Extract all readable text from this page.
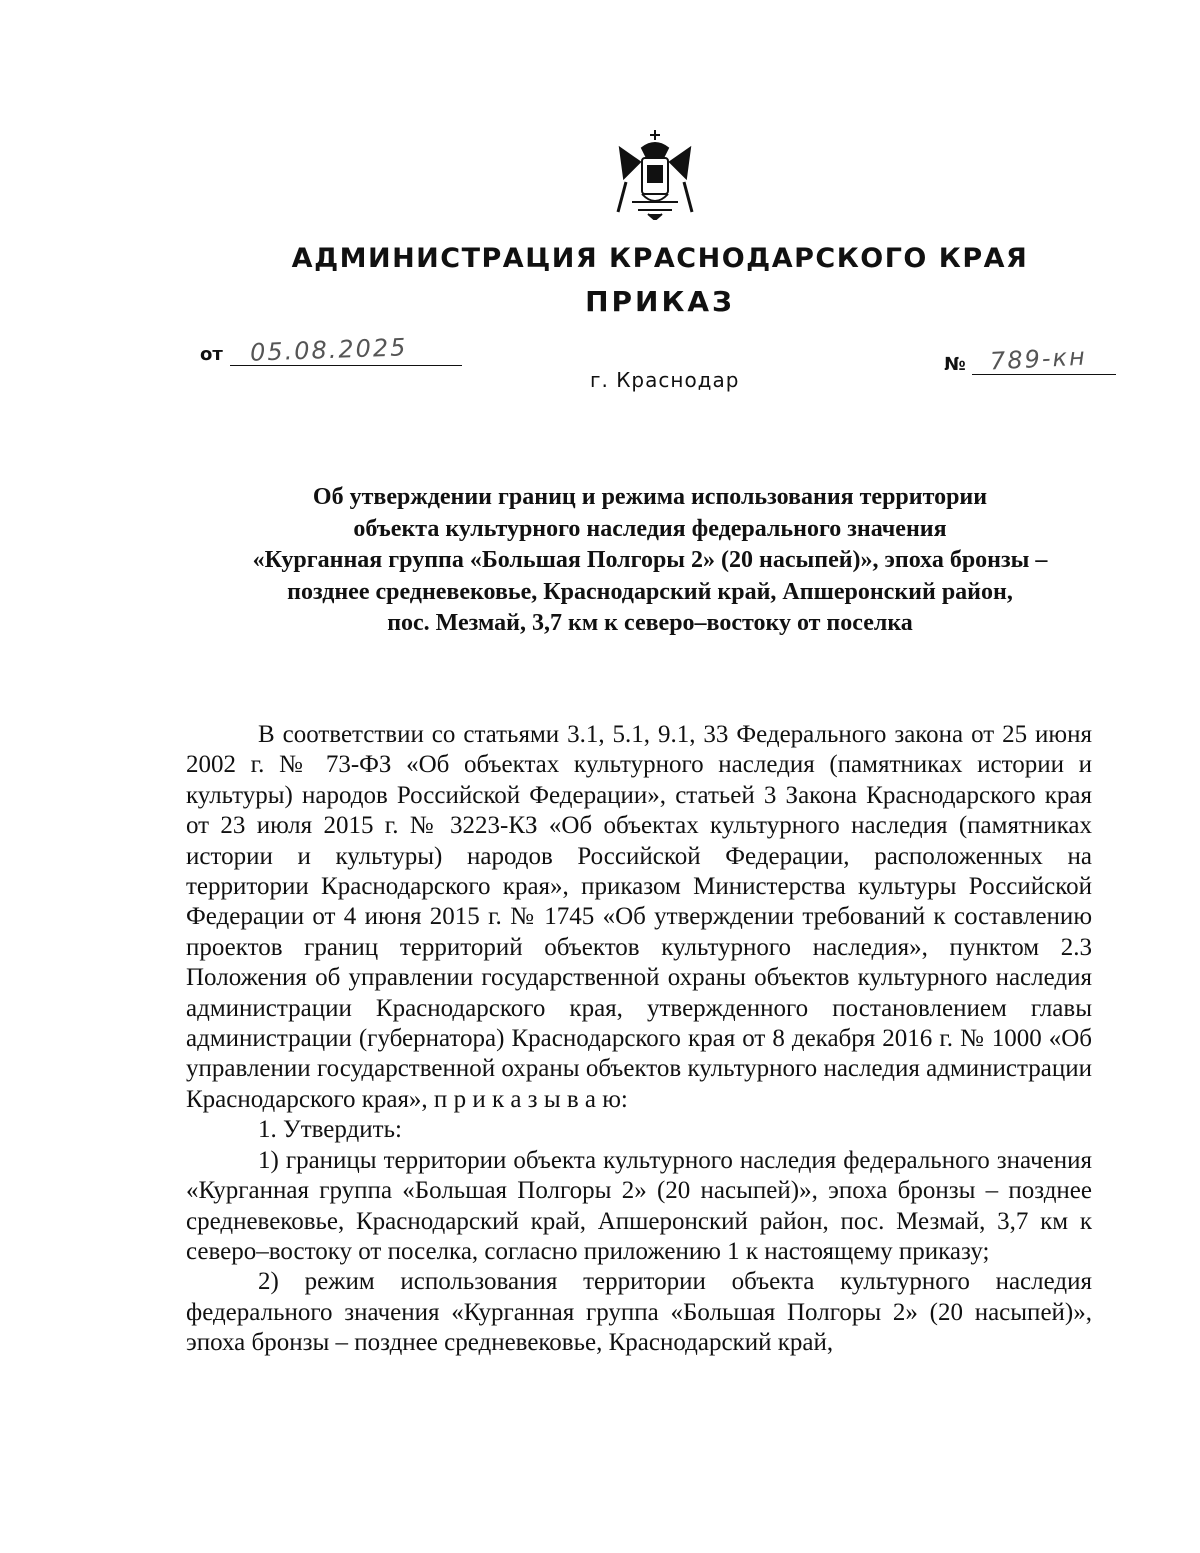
АДМИНИСТРАЦИЯ КРАСНОДАРСКОГО КРАЯ
ПРИКАЗ
от 05.08.2025
г. Краснодар
№ 789-кн
Об утверждении границ и режима использования территории
объекта культурного наследия федерального значения
«Курганная группа «Большая Полгоры 2» (20 насыпей)», эпоха бронзы –
позднее средневековье, Краснодарский край, Апшеронский район,
пос. Мезмай, 3,7 км к северо–востоку от поселка

В соответствии со статьями 3.1, 5.1, 9.1, 33 Федерального закона от 25 июня 2002 г. № 73-ФЗ «Об объектах культурного наследия (памятниках истории и культуры) народов Российской Федерации», статьей 3 Закона Краснодарского края от 23 июля 2015 г. № 3223-КЗ «Об объектах культурного наследия (памятниках истории и культуры) народов Российской Федерации, расположенных на территории Краснодарского края», приказом Министерства культуры Российской Федерации от 4 июня 2015 г. № 1745 «Об утверждении требований к составлению проектов границ территорий объектов культурного наследия», пунктом 2.3 Положения об управлении государственной охраны объектов культурного наследия администрации Краснодарского края, утвержденного постановлением главы администрации (губернатора) Краснодарского края от 8 декабря 2016 г. № 1000 «Об управлении государственной охраны объектов культурного наследия администрации Краснодарского края», п р и к а з ы в а ю:

1. Утвердить:

1) границы территории объекта культурного наследия федерального значения «Курганная группа «Большая Полгоры 2» (20 насыпей)», эпоха бронзы – позднее средневековье, Краснодарский край, Апшеронский район, пос. Мезмай, 3,7 км к северо–востоку от поселка, согласно приложению 1 к настоящему приказу;

2) режим использования территории объекта культурного наследия федерального значения «Курганная группа «Большая Полгоры 2» (20 насыпей)», эпоха бронзы – позднее средневековье, Краснодарский край,
